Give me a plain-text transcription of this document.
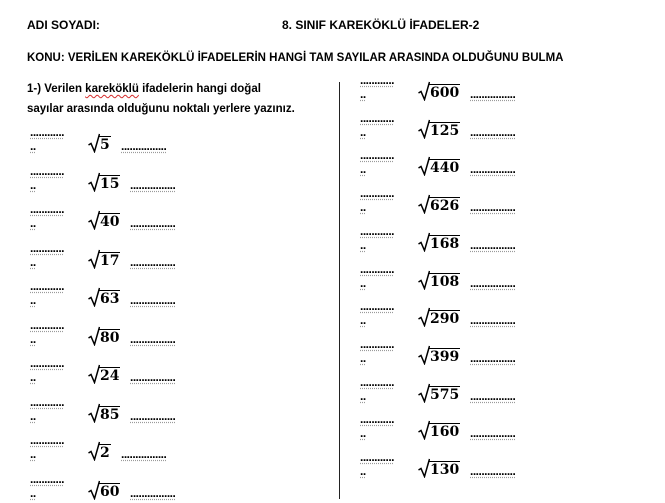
ADI SOYADI:	8. SINIF KAREKÖKLÜ İFADELER-2
KONU: VERİLEN KAREKÖKLÜ İFADELERİN HANGİ TAM SAYILAR ARASINDA OLDUĞUNU BULMA
1-) Verilen kareköklü ifadelerin hangi doğal
sayılar arasında olduğunu noktalı yerlere yazınız.
............ ..	5 ................
............ ..	15 ................
............ ..	40 ................
............ ..	17 ................
............ ..	63 ................
............ ..	80 ................
............ ..	24 ................
............ ..	85 ................
............ ..	2 ................
............ ..	60 ................
............ ..	600 ................
............ ..	125 ................
............ ..	440 ................
............ ..	626 ................
............ ..	168 ................
............ ..	108 ................
............ ..	290 ................
............ ..	399 ................
............ ..	575 ................
............ ..	160 ................
............ ..	130 ................
